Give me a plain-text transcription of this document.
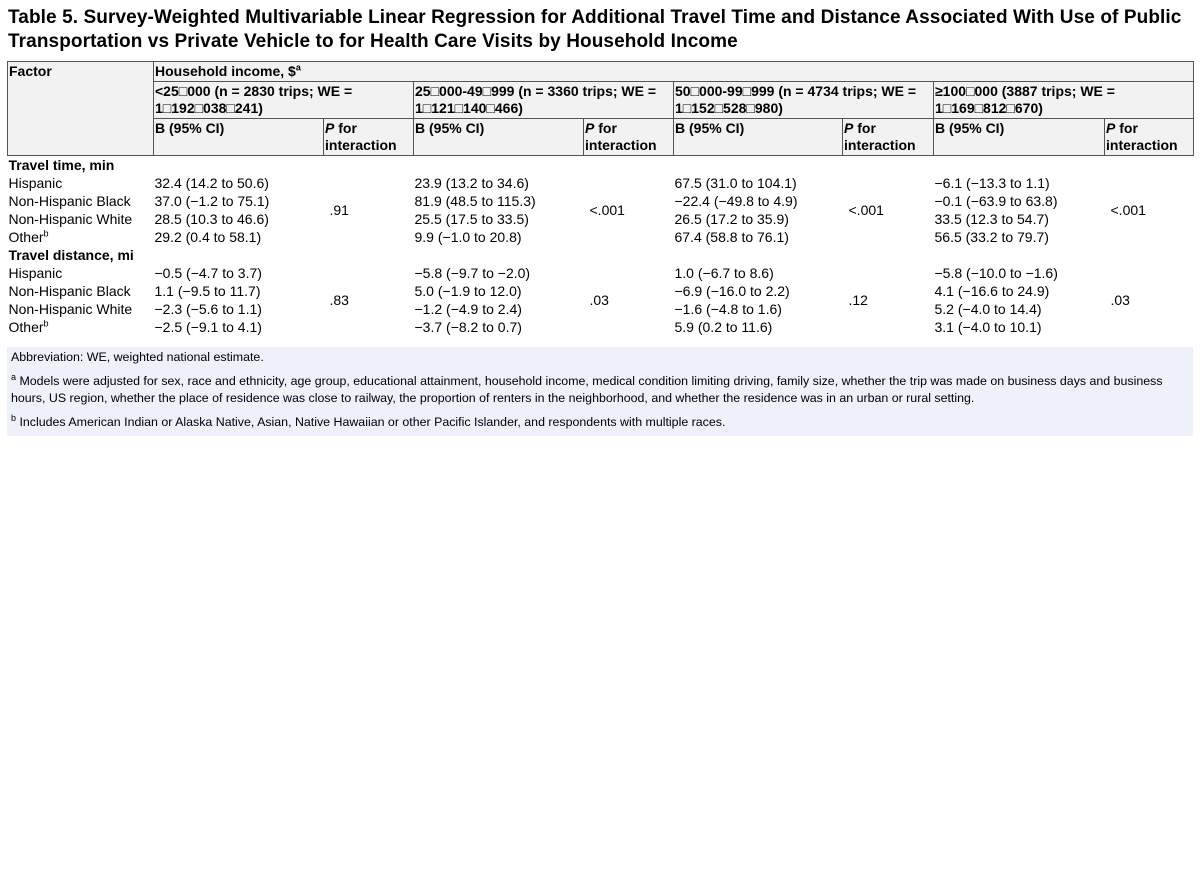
Table 5. Survey-Weighted Multivariable Linear Regression for Additional Travel Time and Distance Associated With Use of Public Transportation vs Private Vehicle to for Health Care Visits by Household Income
Factor	Household income, \$$^a$
	<25□000 (n = 2830 trips; WE = 1□192□038□241)		25□000-49□999 (n = 3360 trips; WE = 1□121□140□466)		50□000-99□999 (n = 4734 trips; WE = 1□152□528□980)		≥100□000 (3887 trips; WE = 1□169□812□670)	
	B (95% CI)	P for interaction	B (95% CI)	P for interaction	B (95% CI)	P for interaction	B (95% CI)	P for interaction
Travel time, min								
Hispanic	32.4 (14.2 to 50.6)	.91	23.9 (13.2 to 34.6)	<.001	67.5 (31.0 to 104.1)	<.001	−6.1 (−13.3 to 1.1)	<.001
Non-Hispanic Black	37.0 (−1.2 to 75.1)		81.9 (48.5 to 115.3)		−22.4 (−49.8 to 4.9)		−0.1 (−63.9 to 63.8)	
Non-Hispanic White	28.5 (10.3 to 46.6)		25.5 (17.5 to 33.5)		26.5 (17.2 to 35.9)		33.5 (12.3 to 54.7)	
Other$^b$	29.2 (0.4 to 58.1)		9.9 (−1.0 to 20.8)		67.4 (58.8 to 76.1)		56.5 (33.2 to 79.7)	
Travel distance, mi								
Hispanic	−0.5 (−4.7 to 3.7)	.83	−5.8 (−9.7 to −2.0)	.03	1.0 (−6.7 to 8.6)	.12	−5.8 (−10.0 to −1.6)	.03
Non-Hispanic Black	1.1 (−9.5 to 11.7)		5.0 (−1.9 to 12.0)		−6.9 (−16.0 to 2.2)		4.1 (−16.6 to 24.9)	
Non-Hispanic White	−2.3 (−5.6 to 1.1)		−1.2 (−4.9 to 2.4)		−1.6 (−4.8 to 1.6)		5.2 (−4.0 to 14.4)	
Other$^b$	−2.5 (−9.1 to 4.1)		−3.7 (−8.2 to 0.7)		5.9 (0.2 to 11.6)		3.1 (−4.0 to 10.1)	

Abbreviation: WE, weighted national estimate.

$^a$ Models were adjusted for sex, race and ethnicity, age group, educational attainment, household income, medical condition limiting driving, family size, whether the trip was made on business days and business hours, US region, whether the place of residence was close to railway, the proportion of renters in the neighborhood, and whether the residence was in an urban or rural setting.

$^b$ Includes American Indian or Alaska Native, Asian, Native Hawaiian or other Pacific Islander, and respondents with multiple races.
